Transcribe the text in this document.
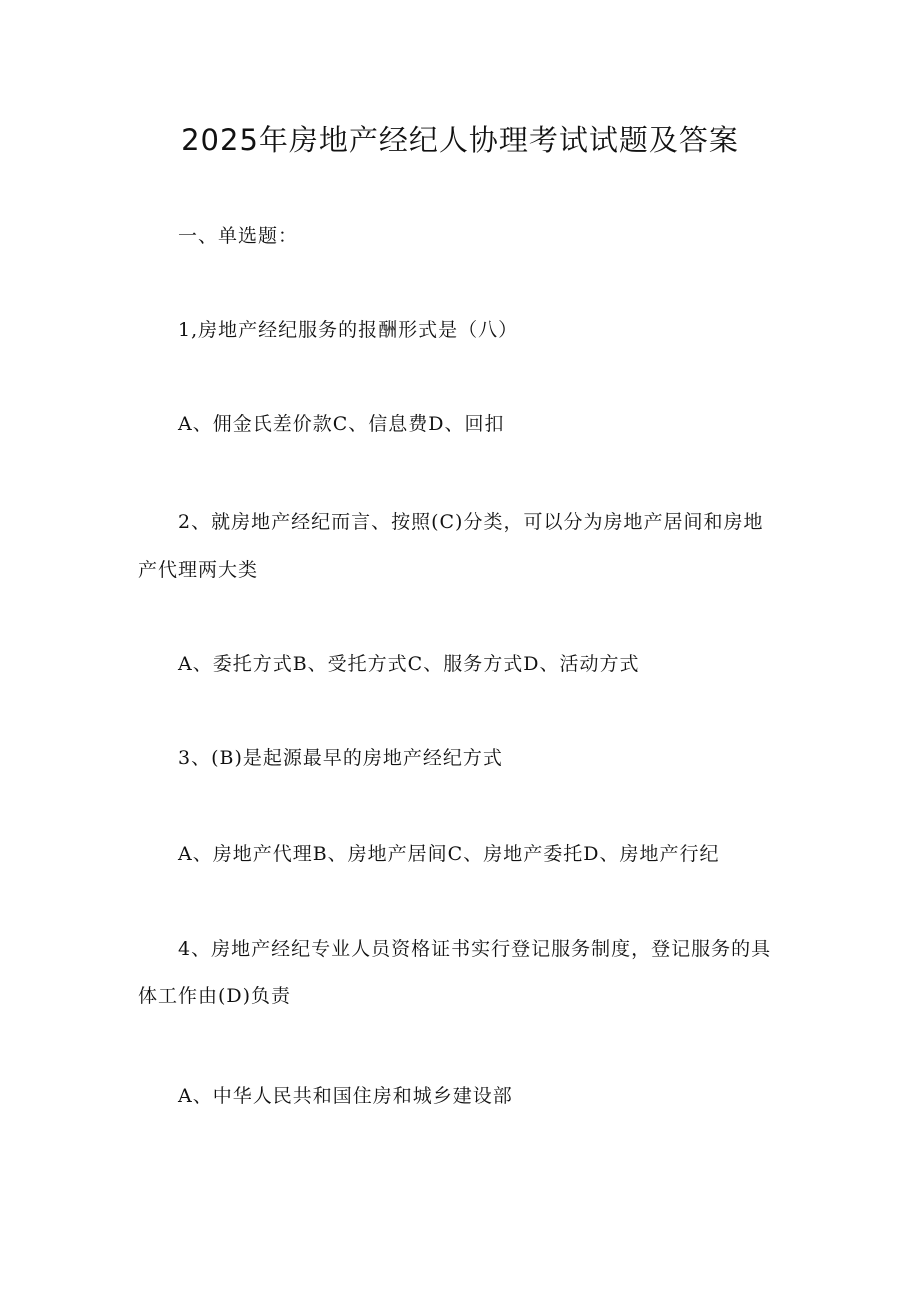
2025年房地产经纪人协理考试试题及答案

一、单选题：

1,房地产经纪服务的报酬形式是（八）

A、佣金氏差价款C、信息费D、回扣

2、就房地产经纪而言、按照(C)分类，可以分为房地产居间和房地

产代理两大类

A、委托方式B、受托方式C、服务方式D、活动方式

3、(B)是起源最早的房地产经纪方式

A、房地产代理B、房地产居间C、房地产委托D、房地产行纪

4、房地产经纪专业人员资格证书实行登记服务制度，登记服务的具

体工作由(D)负责

A、中华人民共和国住房和城乡建设部
